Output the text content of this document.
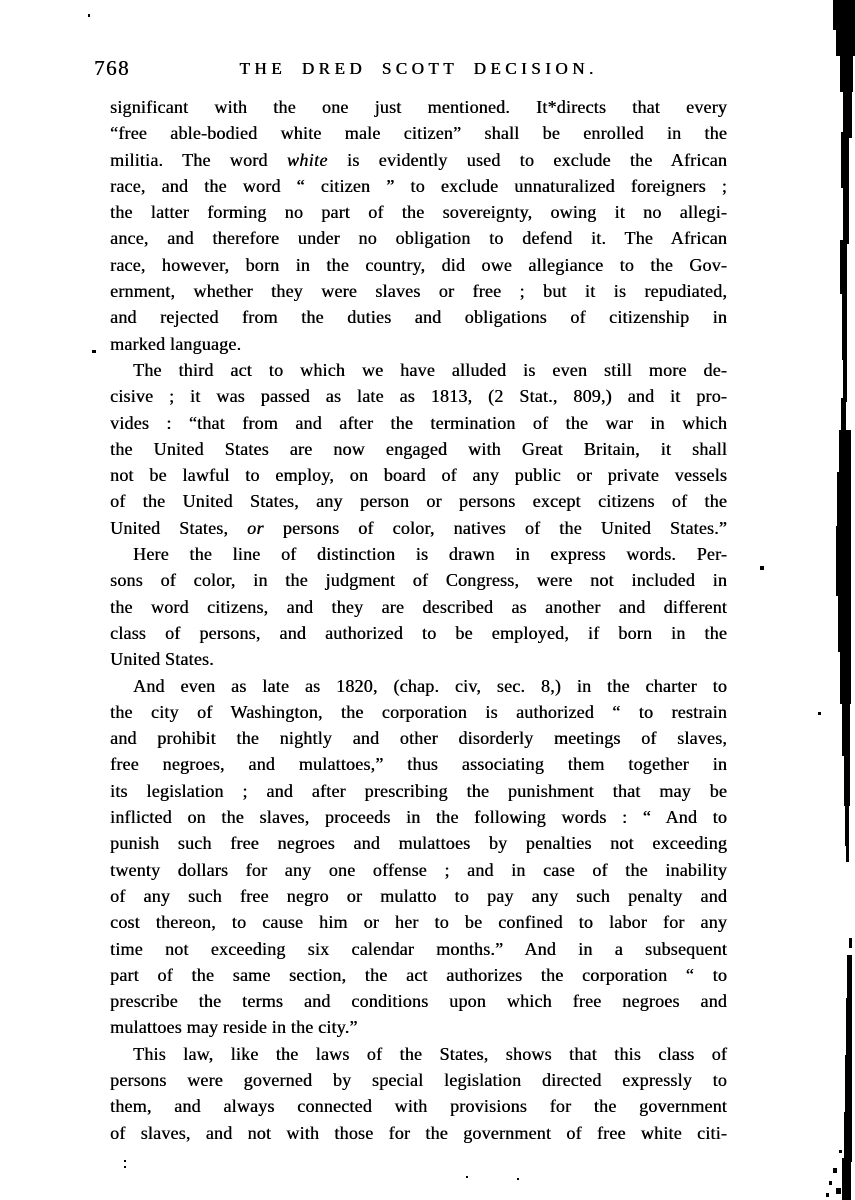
768	THE DRED SCOTT DECISION.
significant with the one just mentioned. It*directs that every
“free able-bodied white male citizen” shall be enrolled in the
militia. The word white is evidently used to exclude the African
race, and the word “ citizen ” to exclude unnaturalized foreigners ;
the latter forming no part of the sovereignty, owing it no allegi-
ance, and therefore under no obligation to defend it. The African
race, however, born in the country, did owe allegiance to the Gov-
ernment, whether they were slaves or free ; but it is repudiated,
and rejected from the duties and obligations of citizenship in
marked language.
The third act to which we have alluded is even still more de-
cisive ; it was passed as late as 1813, (2 Stat., 809,) and it pro-
vides : “that from and after the termination of the war in which
the United States are now engaged with Great Britain, it shall
not be lawful to employ, on board of any public or private vessels
of the United States, any person or persons except citizens of the
United States, or persons of color, natives of the United States.”
Here the line of distinction is drawn in express words. Per-
sons of color, in the judgment of Congress, were not included in
the word citizens, and they are described as another and different
class of persons, and authorized to be employed, if born in the
United States.
And even as late as 1820, (chap. civ, sec. 8,) in the charter to
the city of Washington, the corporation is authorized “ to restrain
and prohibit the nightly and other disorderly meetings of slaves,
free negroes, and mulattoes,” thus associating them together in
its legislation ; and after prescribing the punishment that may be
inflicted on the slaves, proceeds in the following words : “ And to
punish such free negroes and mulattoes by penalties not exceeding
twenty dollars for any one offense ; and in case of the inability
of any such free negro or mulatto to pay any such penalty and
cost thereon, to cause him or her to be confined to labor for any
time not exceeding six calendar months.” And in a subsequent
part of the same section, the act authorizes the corporation “ to
prescribe the terms and conditions upon which free negroes and
mulattoes may reside in the city.”
This law, like the laws of the States, shows that this class of
persons were governed by special legislation directed expressly to
them, and always connected with provisions for the government
of slaves, and not with those for the government of free white citi-
